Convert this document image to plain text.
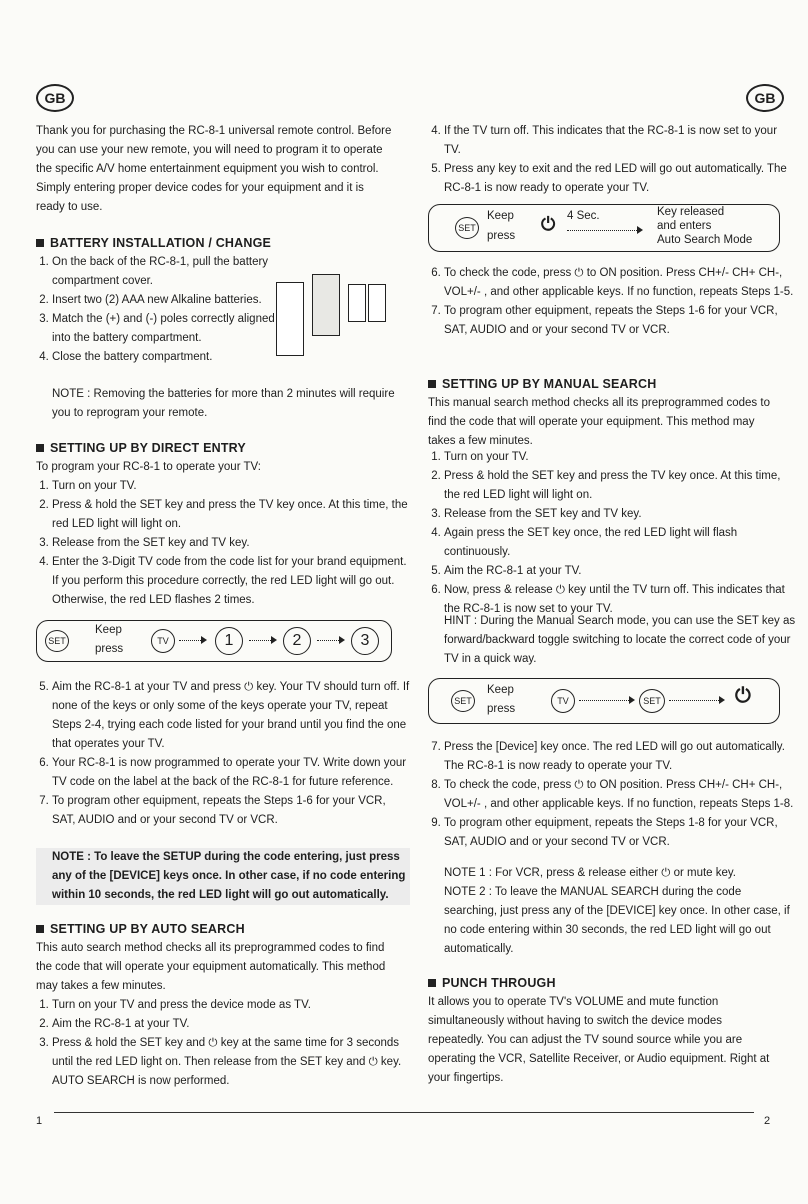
GB	GB

Thank you for purchasing the RC-8-1 universal remote control. Before you can use your new remote, you will need to program it to operate the specific A/V home entertainment equipment you wish to control. Simply entering proper device codes for your equipment and it is ready to use.

BATTERY INSTALLATION / CHANGE
1. On the back of the RC-8-1, pull the battery compartment cover.
2. Insert two (2) AAA new Alkaline batteries.
3. Match the (+) and (-) poles correctly aligned into the battery compartment.
4. Close the battery compartment.

NOTE : Removing the batteries for more than 2 minutes will require you to reprogram your remote.

SETTING UP BY DIRECT ENTRY

To program your RC-8-1 to operate your TV:

1. Turn on your TV.
2. Press & hold the SET key and press the TV key once. At this time, the red LED light will light on.
3. Release from the SET key and TV key.
4. Enter the 3-Digit TV code from the code list for your brand equipment. If you perform this procedure correctly, the red LED light will go out. Otherwise, the red LED flashes 2 times.
SET
Keep
press
TV	1	2	3
5. Aim the RC-8-1 at your TV and press ⏻ key. Your TV should turn off. If none of the keys or only some of the keys operate your TV, repeat Steps 2-4, trying each code listed for your brand until you find the one that operates your TV.
6. Your RC-8-1 is now programmed to operate your TV. Write down your TV code on the label at the back of the RC-8-1 for future reference.
7. To program other equipment, repeats the Steps 1-6 for your VCR, SAT, AUDIO and or your second TV or VCR.

NOTE : To leave the SETUP during the code entering, just press any of the [DEVICE] keys once. In other case, if no code entering within 10 seconds, the red LED light will go out automatically.

SETTING UP BY AUTO SEARCH

This auto search method checks all its preprogrammed codes to find the code that will operate your equipment automatically. This method may takes a few minutes.

1. Turn on your TV and press the device mode as TV.
2. Aim the RC-8-1 at your TV.
3. Press & hold the SET key and ⏻ key at the same time for 3 seconds until the red LED light on. Then release from the SET key and ⏻ key. AUTO SEARCH is now performed.
4. If the TV turn off. This indicates that the RC-8-1 is now set to your TV.
5. Press any key to exit and the red LED will go out automatically. The RC-8-1 is now ready to operate your TV.
SET
Keep
press
⏻ 4 Sec.	Key released
and enters
Auto Search Mode
6. To check the code, press ⏻ to ON position. Press CH+/- CH+ CH-, VOL+/- , and other applicable keys. If no function, repeats Steps 1-5.
7. To program other equipment, repeats the Steps 1-6 for your VCR, SAT, AUDIO and or your second TV or VCR.
SETTING UP BY MANUAL SEARCH

This manual search method checks all its preprogrammed codes to find the code that will operate your equipment. This method may takes a few minutes.

1. Turn on your TV.
2. Press & hold the SET key and press the TV key once. At this time, the red LED light will light on.
3. Release from the SET key and TV key.
4. Again press the SET key once, the red LED light will flash continuously.
5. Aim the RC-8-1 at your TV.
6. Now, press & release ⏻ key until the TV turn off. This indicates that the RC-8-1 is now set to your TV.

HINT : During the Manual Search mode, you can use the SET key as forward/backward toggle switching to locate the correct code of your TV in a quick way.

SET
Keep
press
TV	SET	⏻
7. Press the [Device] key once. The red LED will go out automatically. The RC-8-1 is now ready to operate your TV.
8. To check the code, press ⏻ to ON position. Press CH+/- CH+ CH-, VOL+/- , and other applicable keys. If no function, repeats Steps 1-8.
9. To program other equipment, repeats the Steps 1-8 for your VCR, SAT, AUDIO and or your second TV or VCR.

NOTE 1 : For VCR, press & release either ⏻ or mute key.

NOTE 2 : To leave the MANUAL SEARCH during the code searching, just press any of the [DEVICE] key once. In other case, if no code entering within 30 seconds, the red LED light will go out automatically.

PUNCH THROUGH

It allows you to operate TV's VOLUME and mute function simultaneously without having to switch the device modes repeatedly. You can adjust the TV sound source while you are operating the VCR, Satellite Receiver, or Audio equipment. Right at your fingertips.

1	2
